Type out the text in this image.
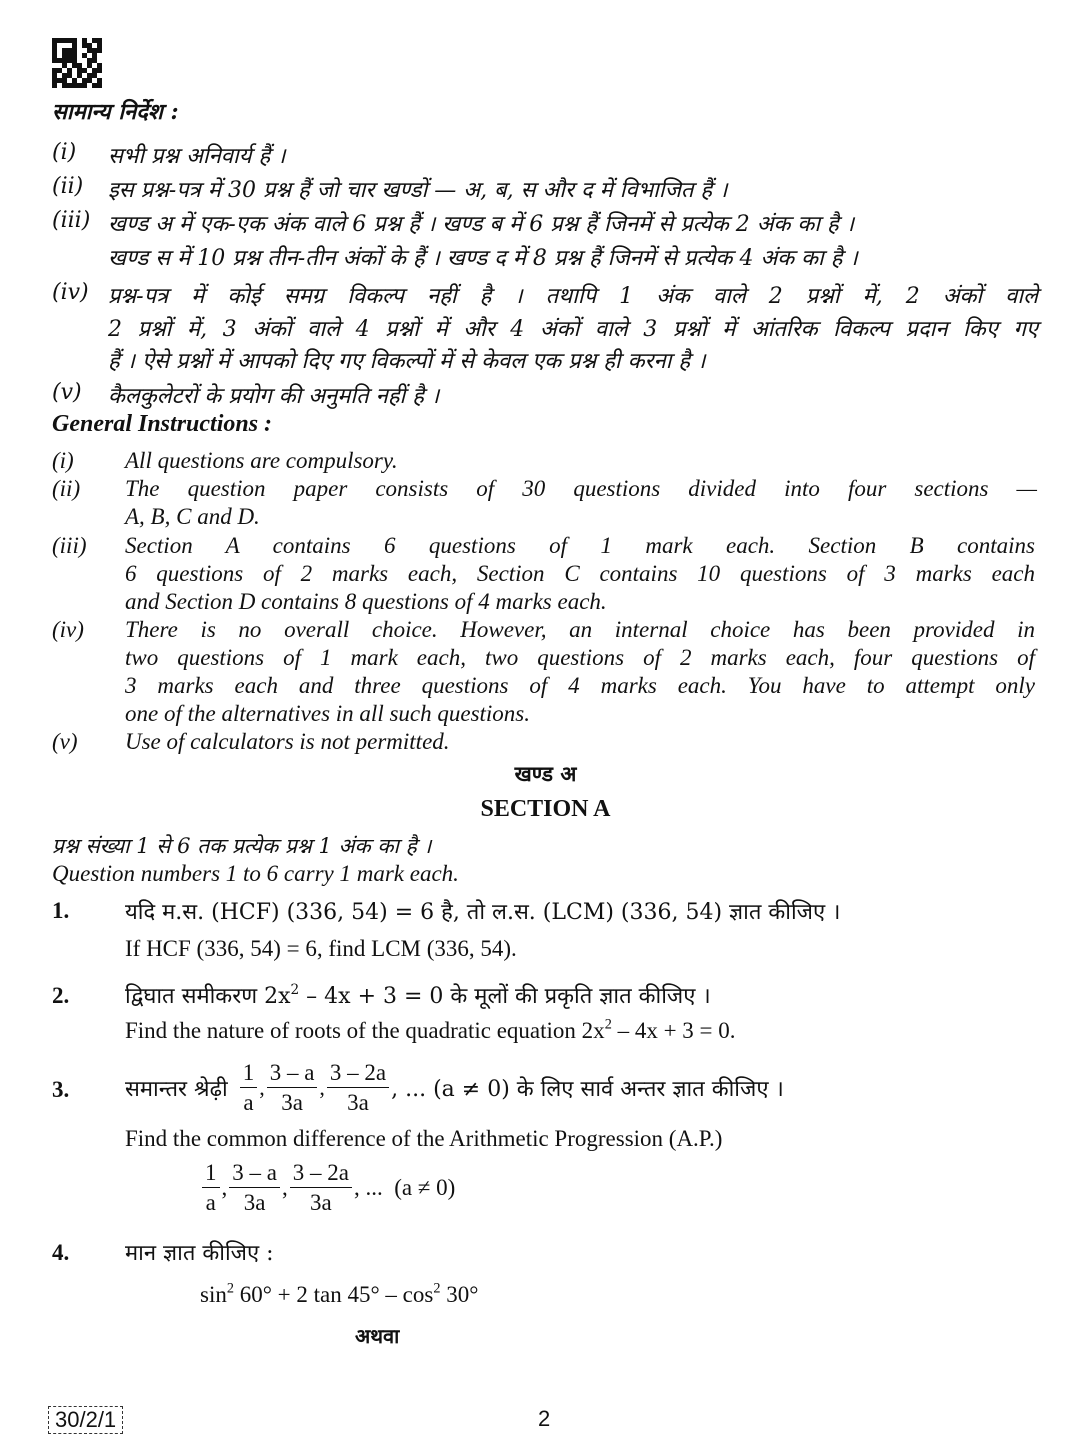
सामान्य निर्देश :
(i) सभी प्रश्न अनिवार्य हैं ।
(ii) इस प्रश्न-पत्र में 30 प्रश्न हैं जो चार खण्डों — अ, ब, स और द में विभाजित हैं ।
(iii) खण्ड अ में एक-एक अंक वाले 6 प्रश्न हैं । खण्ड ब में 6 प्रश्न हैं जिनमें से प्रत्येक 2 अंक का है ।
खण्ड स में 10 प्रश्न तीन-तीन अंकों के हैं । खण्ड द में 8 प्रश्न हैं जिनमें से प्रत्येक 4 अंक का है ।
(iv) प्रश्न-पत्र में कोई समग्र विकल्प नहीं है । तथापि 1 अंक वाले 2 प्रश्नों में, 2 अंकों वाले
2 प्रश्नों में, 3 अंकों वाले 4 प्रश्नों में और 4 अंकों वाले 3 प्रश्नों में आंतरिक विकल्प प्रदान किए गए
हैं । ऐसे प्रश्नों में आपको दिए गए विकल्पों में से केवल एक प्रश्न ही करना है ।
(v) कैलकुलेटरों के प्रयोग की अनुमति नहीं है ।
General Instructions :
(i) All questions are compulsory.
(ii) The question paper consists of 30 questions divided into four sections —
A, B, C and D.
(iii) Section A contains 6 questions of 1 mark each. Section B contains
6 questions of 2 marks each, Section C contains 10 questions of 3 marks each
and Section D contains 8 questions of 4 marks each.
(iv) There is no overall choice. However, an internal choice has been provided in
two questions of 1 mark each, two questions of 2 marks each, four questions of
3 marks each and three questions of 4 marks each. You have to attempt only
one of the alternatives in all such questions.
(v) Use of calculators is not permitted.
खण्ड अ
SECTION A
प्रश्न संख्या 1 से 6 तक प्रत्येक प्रश्न 1 अंक का है ।
Question numbers 1 to 6 carry 1 mark each.
1.	यदि म.स. (HCF) (336, 54) = 6 है, तो ल.स. (LCM) (336, 54) ज्ञात कीजिए ।
If HCF (336, 54) = 6, find LCM (336, 54).
2.	द्विघात समीकरण $2x^2 - 4x + 3 = 0$ के मूलों की प्रकृति ज्ञात कीजिए ।
Find the nature of roots of the quadratic equation $2x^2 - 4x + 3 = 0$.
3.	समान्तर श्रेढ़ी $\frac{1}{a}$ , $\frac{3 - a}{3a}$ , $\frac{3 - 2a}{3a}$ , ... (a ≠ 0) के लिए सार्व अन्तर ज्ञात कीजिए ।
Find the common difference of the Arithmetic Progression (A.P.)
$\frac{1}{a}$ , $\frac{3 - a}{3a}$ , $\frac{3 - 2a}{3a}$ , ...  (a ≠ 0)
4.	मान ज्ञात कीजिए :
$\sin^2 60^\circ + 2$ $\tan 45^\circ - \cos^2 30^\circ$
अथवा
30/2/1	2
